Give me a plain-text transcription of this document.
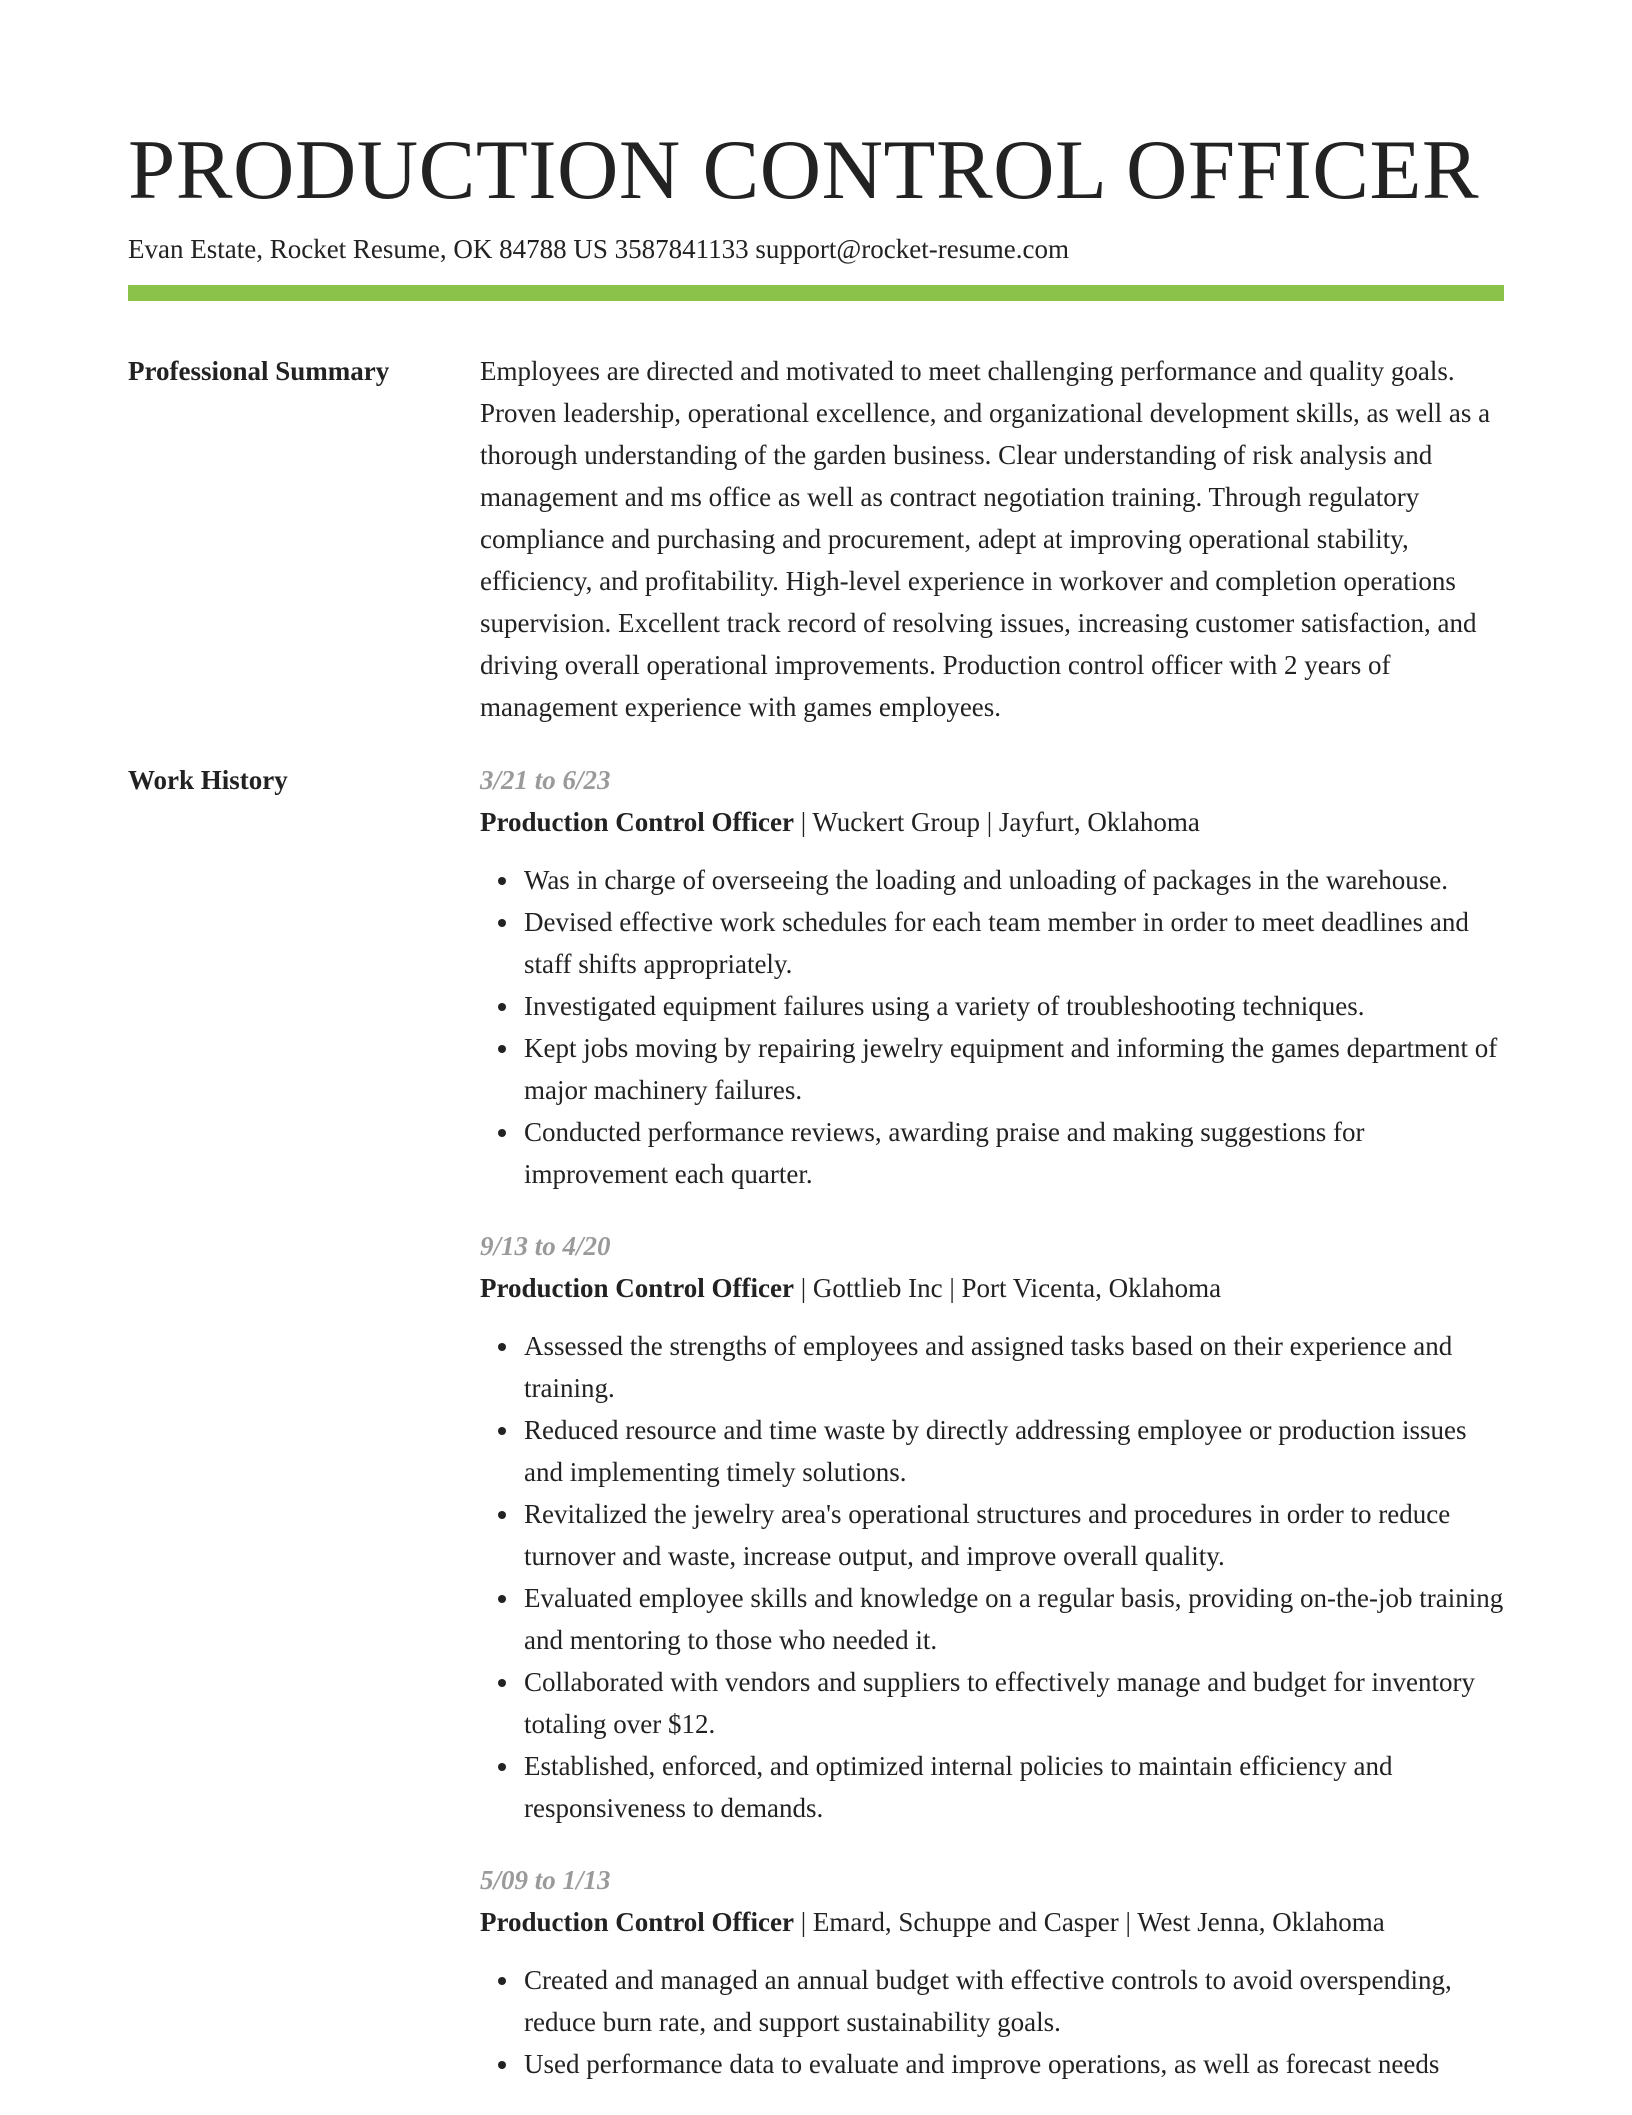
PRODUCTION CONTROL OFFICER
Evan Estate, Rocket Resume, OK 84788 US 3587841133 support@rocket-resume.com
Professional Summary	Employees are directed and motivated to meet challenging performance and quality goals. Proven leadership, operational excellence, and organizational development skills, as well as a thorough understanding of the garden business. Clear understanding of risk analysis and management and ms office as well as contract negotiation training. Through regulatory compliance and purchasing and procurement, adept at improving operational stability, efficiency, and profitability. High-level experience in workover and completion operations supervision. Excellent track record of resolving issues, increasing customer satisfaction, and driving overall operational improvements. Production control officer with 2 years of management experience with games employees.

Work History	3/21 to 6/23

Production Control Officer | Wuckert Group | Jayfurt, Oklahoma

Was in charge of overseeing the loading and unloading of packages in the warehouse.
Devised effective work schedules for each team member in order to meet deadlines and staff shifts appropriately.
Investigated equipment failures using a variety of troubleshooting techniques.
Kept jobs moving by repairing jewelry equipment and informing the games department of major machinery failures.
Conducted performance reviews, awarding praise and making suggestions for improvement each quarter.

9/13 to 4/20

Production Control Officer | Gottlieb Inc | Port Vicenta, Oklahoma

Assessed the strengths of employees and assigned tasks based on their experience and training.
Reduced resource and time waste by directly addressing employee or production issues and implementing timely solutions.
Revitalized the jewelry area's operational structures and procedures in order to reduce turnover and waste, increase output, and improve overall quality.
Evaluated employee skills and knowledge on a regular basis, providing on-the-job training and mentoring to those who needed it.
Collaborated with vendors and suppliers to effectively manage and budget for inventory totaling over $12.
Established, enforced, and optimized internal policies to maintain efficiency and responsiveness to demands.

5/09 to 1/13

Production Control Officer | Emard, Schuppe and Casper | West Jenna, Oklahoma

Created and managed an annual budget with effective controls to avoid overspending, reduce burn rate, and support sustainability goals.
Used performance data to evaluate and improve operations, as well as forecast needs
